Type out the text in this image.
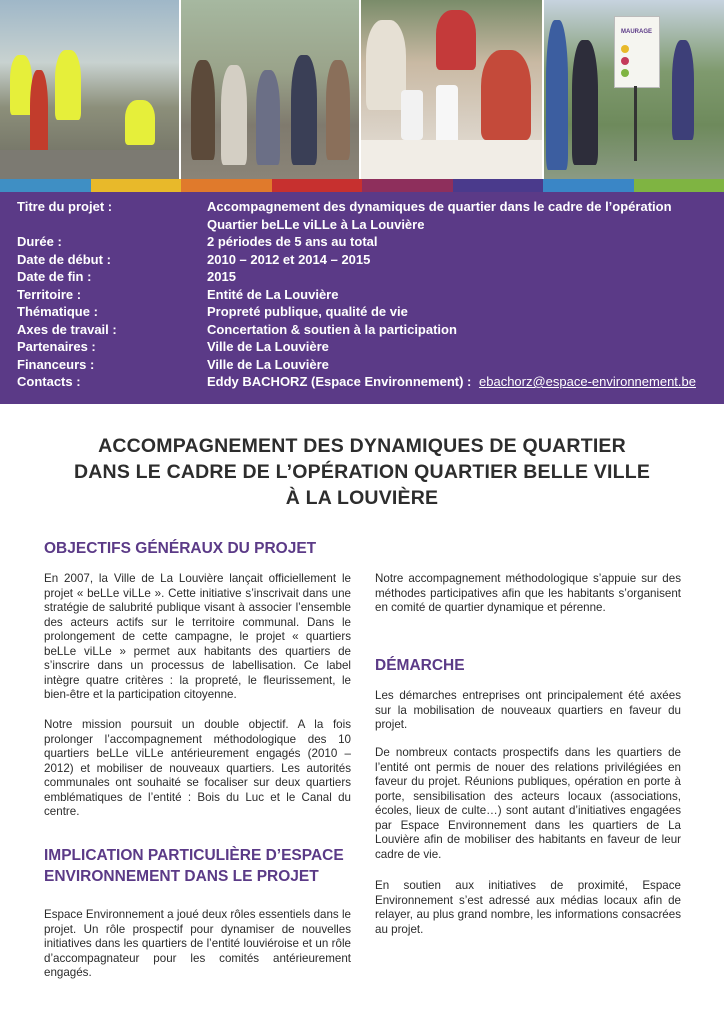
MAURAGE
Titre du projet :	Accompagnement des dynamiques de quartier dans le cadre de l’opération
Quartier beLLe viLLe à La Louvière
Durée :	2 périodes de 5 ans au total
Date de début :	2010 – 2012 et 2014 – 2015
Date de fin :	2015
Territoire :	Entité de La Louvière
Thématique :	Propreté publique, qualité de vie
Axes de travail :	Concertation & soutien à la participation
Partenaires :	Ville de La Louvière
Financeurs :	Ville de La Louvière
Contacts :	Eddy BACHORZ (Espace Environnement) : ebachorz@espace-environnement.be
ACCOMPAGNEMENT DES DYNAMIQUES DE QUARTIER
DANS LE CADRE DE L’OPÉRATION QUARTIER BELLE VILLE
À LA LOUVIÈRE
OBJECTIFS GÉNÉRAUX DU PROJET
En 2007, la Ville de La Louvière lançait officiellement le projet « beLLe viLLe ». Cette initiative s’inscrivait dans une stratégie de salubrité publique visant à associer l’ensemble des acteurs actifs sur le territoire communal. Dans le prolongement de cette campagne, le projet « quartiers beLLe viLLe » permet aux habitants des quartiers de s’inscrire dans un processus de labellisation. Ce label intègre quatre critères : la propreté, le fleurissement, le bien-être et la participation citoyenne.
Notre mission poursuit un double objectif. A la fois prolonger l’accompagnement méthodologique des 10 quartiers beLLe viLLe antérieurement engagés (2010 – 2012) et mobiliser de nouveaux quartiers. Les autorités communales ont souhaité se focaliser sur deux quartiers emblématiques de l’entité : Bois du Luc et le Canal du centre.
IMPLICATION PARTICULIÈRE D’ESPACE
ENVIRONNEMENT DANS LE PROJET
Espace Environnement a joué deux rôles essentiels dans le projet. Un rôle prospectif pour dynamiser de nouvelles initiatives dans les quartiers de l’entité louviéroise et un rôle d’accompagnateur pour les comités antérieurement engagés.
Notre accompagnement méthodologique s’appuie sur des méthodes participatives afin que les habitants s’organisent en comité de quartier dynamique et pérenne.
DÉMARCHE
Les démarches entreprises ont principalement été axées sur la mobilisation de nouveaux quartiers en faveur du projet.
De nombreux contacts prospectifs dans les quartiers de l’entité ont permis de nouer des relations privilégiées en faveur du projet. Réunions publiques, opération en porte à porte, sensibilisation des acteurs locaux (associations, écoles, lieux de culte…) sont autant d’initiatives engagées par Espace Environnement dans les quartiers de La Louvière afin de mobiliser des habitants en faveur de leur cadre de vie.
En soutien aux initiatives de proximité, Espace Environnement s’est adressé aux médias locaux afin de relayer, au plus grand nombre, les informations consacrées au projet.
